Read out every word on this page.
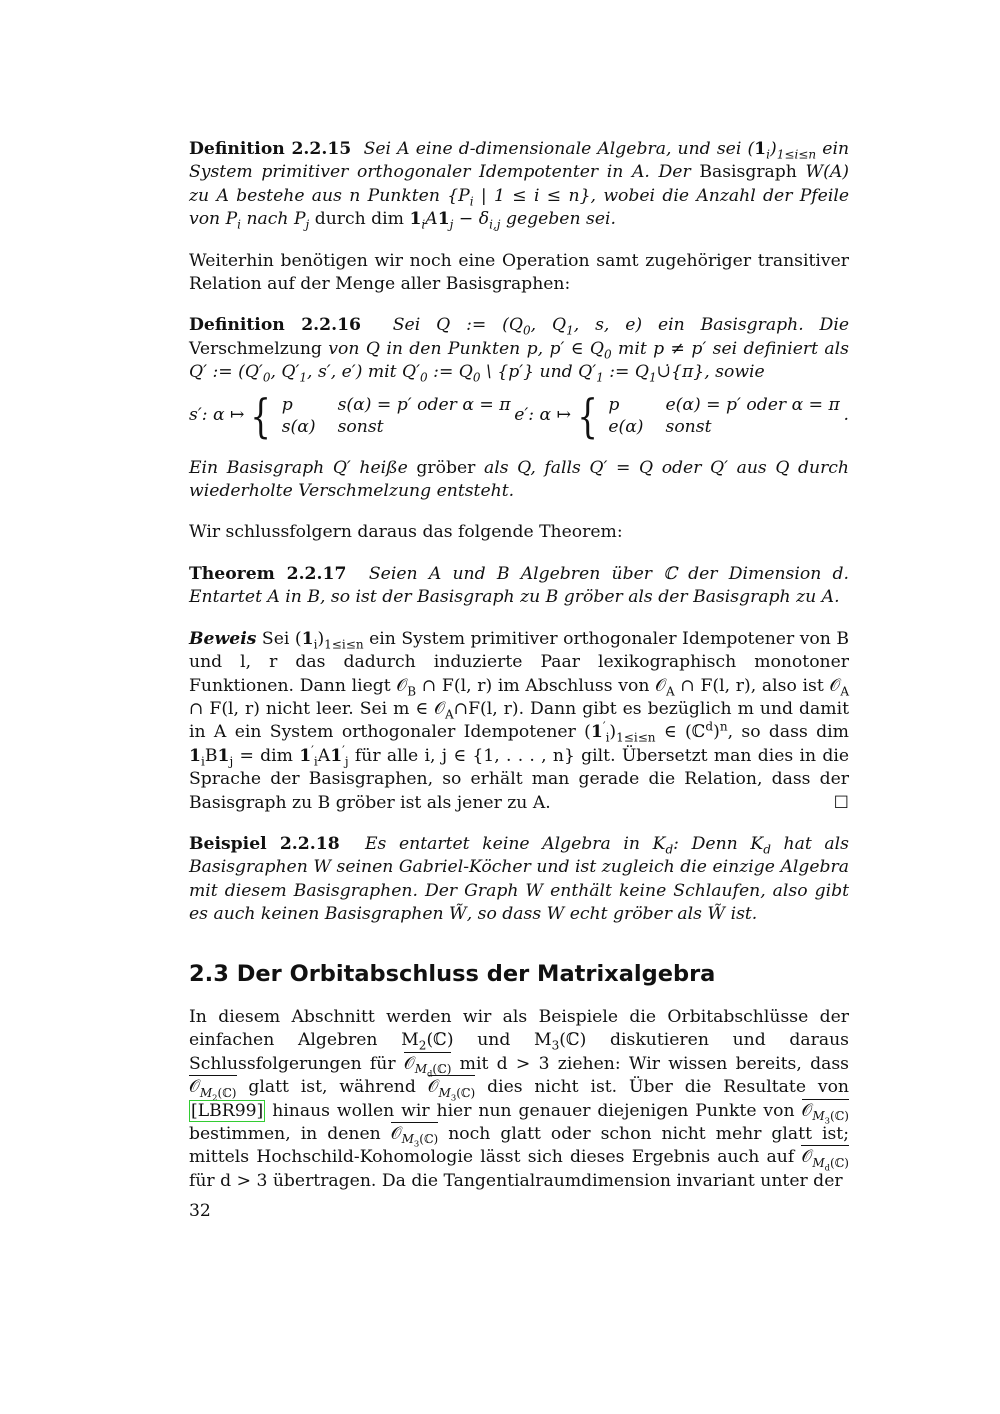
Definition 2.2.15 Sei A eine d-dimensionale Algebra, und sei $(1_i)_{1\le i\le n}$ ein System primitiver orthogonaler Idempotenter in A. Der Basisgraph W(A) zu A bestehe aus n Punkten {$P_i$ | 1 ≤ i ≤ n}, wobei die Anzahl der Pfeile von $P_i$ nach $P_j$ durch dim $1_iA1_j - \delta_{i,j}$ gegeben sei.

Weiterhin benötigen wir noch eine Operation samt zugehöriger transitiver Relation auf der Menge aller Basisgraphen:

Definition 2.2.16 Sei Q := ($Q_0$, $Q_1$, s, e) ein Basisgraph. Die Verschmelzung von Q in den Punkten p, p′ ∈ $Q_0$ mit p ≠ p′ sei definiert als Q′ := ($Q'_0$, $Q'_1$, s′, e′) mit $Q'_0$ := $Q_0$ \ {p′} und $Q'_1$ := $Q_1\cuṗ\{\pi\}$, sowie

s′: α ↦ { p	s(α) = p′ oder α = π
s(α) sonst
e′: α ↦ { p	e(α) = p′ oder α = π
e(α) sonst
.

Ein Basisgraph Q′ heiße gröber als Q, falls Q′ = Q oder Q′ aus Q durch wiederholte Verschmelzung entsteht.

Wir schlussfolgern daraus das folgende Theorem:

Theorem 2.2.17 Seien A und B Algebren über ℂ der Dimension d. Entartet A in B, so ist der Basisgraph zu B gröber als der Basisgraph zu A.

Beweis Sei $(1_i)_{1\le i\le n}$ ein System primitiver orthogonaler Idempotener von B und l, r das dadurch induzierte Paar lexikographisch monotoner Funktionen. Dann liegt 𝒪$_B$ ∩ F(l, r) im Abschluss von 𝒪$_A$ ∩ F(l, r), also ist 𝒪$_A$ ∩ F(l, r) nicht leer. Sei m ∈ 𝒪$_A$∩F(l, r). Dann gibt es bezüglich m und damit in A ein System orthogonaler Idempotener $(1'_i)_{1\le i\le n}$ ∈ (ℂ$^d$)$^n$, so dass dim $1_iB1_j$ = dim $1'_iA1'_j$ für alle i, j ∈ {1, . . . , n} gilt. Übersetzt man dies in die Sprache der Basisgraphen, so erhält man gerade die Relation, dass der Basisgraph zu B gröber ist als jener zu A.	☐

Beispiel 2.2.18 Es entartet keine Algebra in $K_d$: Denn $K_d$ hat als Basisgraphen W seinen Gabriel-Köcher und ist zugleich die einzige Algebra mit diesem Basisgraphen. Der Graph W enthält keine Schlaufen, also gibt es auch keinen Basisgraphen W̃, so dass W echt gröber als W̃ ist.

2.3 Der Orbitabschluss der Matrixalgebra

In diesem Abschnitt werden wir als Beispiele die Orbitabschlüsse der einfachen Algebren $M_2(ℂ)$ und $M_3(ℂ)$ diskutieren und daraus Schlussfolgerungen für 𝒪$_{M_d(ℂ)}$ mit d > 3 ziehen: Wir wissen bereits, dass 𝒪$_{M_2(ℂ)}$ glatt ist, während 𝒪$_{M_3(ℂ)}$ dies nicht ist. Über die Resultate von [LBR99] hinaus wollen wir hier nun genauer diejenigen Punkte von 𝒪$_{M_3(ℂ)}$ bestimmen, in denen 𝒪$_{M_3(ℂ)}$ noch glatt oder schon nicht mehr glatt ist; mittels Hochschild-Kohomologie lässt sich dieses Ergebnis auch auf 𝒪$_{M_d(ℂ)}$ für d > 3 übertragen. Da die Tangentialraumdimension invariant unter der

32
